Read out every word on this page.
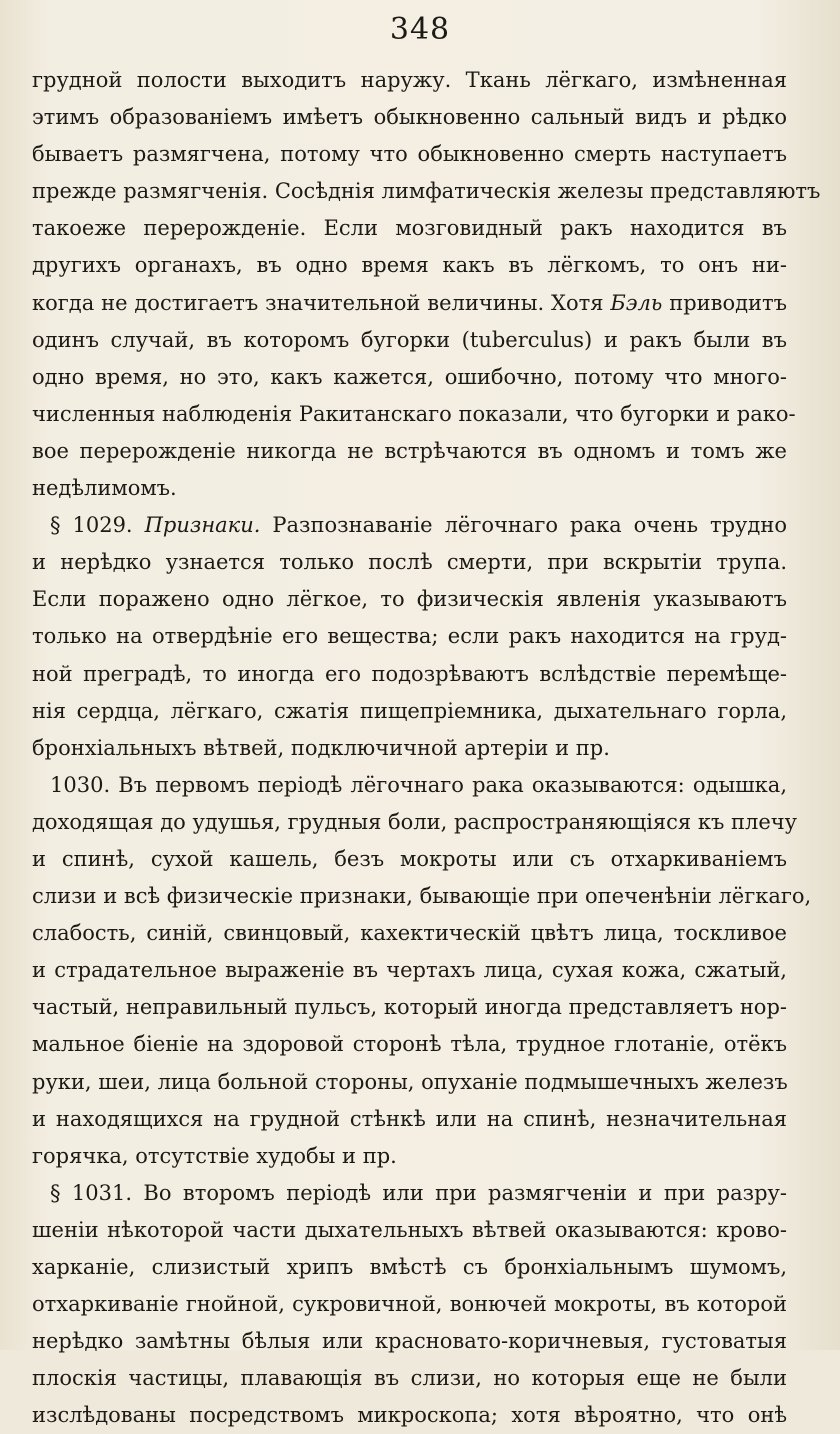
348
грудной полости выходитъ наружу. Ткань лёгкаго, измѣненная
этимъ образованiемъ имѣетъ обыкновенно сальный видъ и рѣдко
бываетъ размягчена, потому что обыкновенно смерть наступаетъ
прежде размягченiя. Сосѣднiя лимфатическiя железы представляютъ
такоеже перерожденiе. Если мозговидный ракъ находится въ
другихъ органахъ, въ одно время какъ въ лёгкомъ, то онъ ни-
когда не достигаетъ значительной величины. Хотя Бэль приводитъ
одинъ случай, въ которомъ бугорки (tuberculus) и ракъ были въ
одно время, но это, какъ кажется, ошибочно, потому что много-
численныя наблюденiя Ракитанскаго показали, что бугорки и рако-
вое перерожденiе никогда не встрѣчаются въ одномъ и томъ же
недѣлимомъ.
§ 1029. Признаки. Разпознаванiе лёгочнаго рака очень трудно
и нерѣдко узнается только послѣ смерти, при вскрытiи трупа.
Если поражено одно лёгкое, то физическiя явленiя указываютъ
только на отвердѣнiе его вещества; если ракъ находится на груд-
ной преградѣ, то иногда его подозрѣваютъ вслѣдствiе перемѣще-
нiя сердца, лёгкаго, сжатiя пищепрiемника, дыхательнаго горла,
бронхiальныхъ вѣтвей, подключичной артерiи и пр.
1030. Въ первомъ перiодѣ лёгочнаго рака оказываются: одышка,
доходящая до удушья, грудныя боли, распространяющiяся къ плечу
и спинѣ, сухой кашель, безъ мокроты или съ отхаркиванiемъ
слизи и всѣ физическiе признаки, бывающiе при опеченѣнiи лёгкаго,
слабость, синiй, свинцовый, кахектическiй цвѣтъ лица, тоскливое
и страдательное выраженiе въ чертахъ лица, сухая кожа, сжатый,
частый, неправильный пульсъ, который иногда представляетъ нор-
мальное бiенiе на здоровой сторонѣ тѣла, трудное глотанiе, отёкъ
руки, шеи, лица больной стороны, опуханiе подмышечныхъ железъ
и находящихся на грудной стѣнкѣ или на спинѣ, незначительная
горячка, отсутствiе худобы и пр.
§ 1031. Во второмъ перiодѣ или при размягченiи и при разру-
шенiи нѣкоторой части дыхательныхъ вѣтвей оказываются: крово-
харканiе, слизистый хрипъ вмѣстѣ съ бронхiальнымъ шумомъ,
отхаркиванiе гнойной, сукровичной, вонючей мокроты, въ которой
нерѣдко замѣтны бѣлыя или красновато-коричневыя, густоватыя
плоскiя частицы, плавающiя въ слизи, но которыя еще не были
изслѣдованы посредствомъ микроскопа; хотя вѣроятно, что онѣ
